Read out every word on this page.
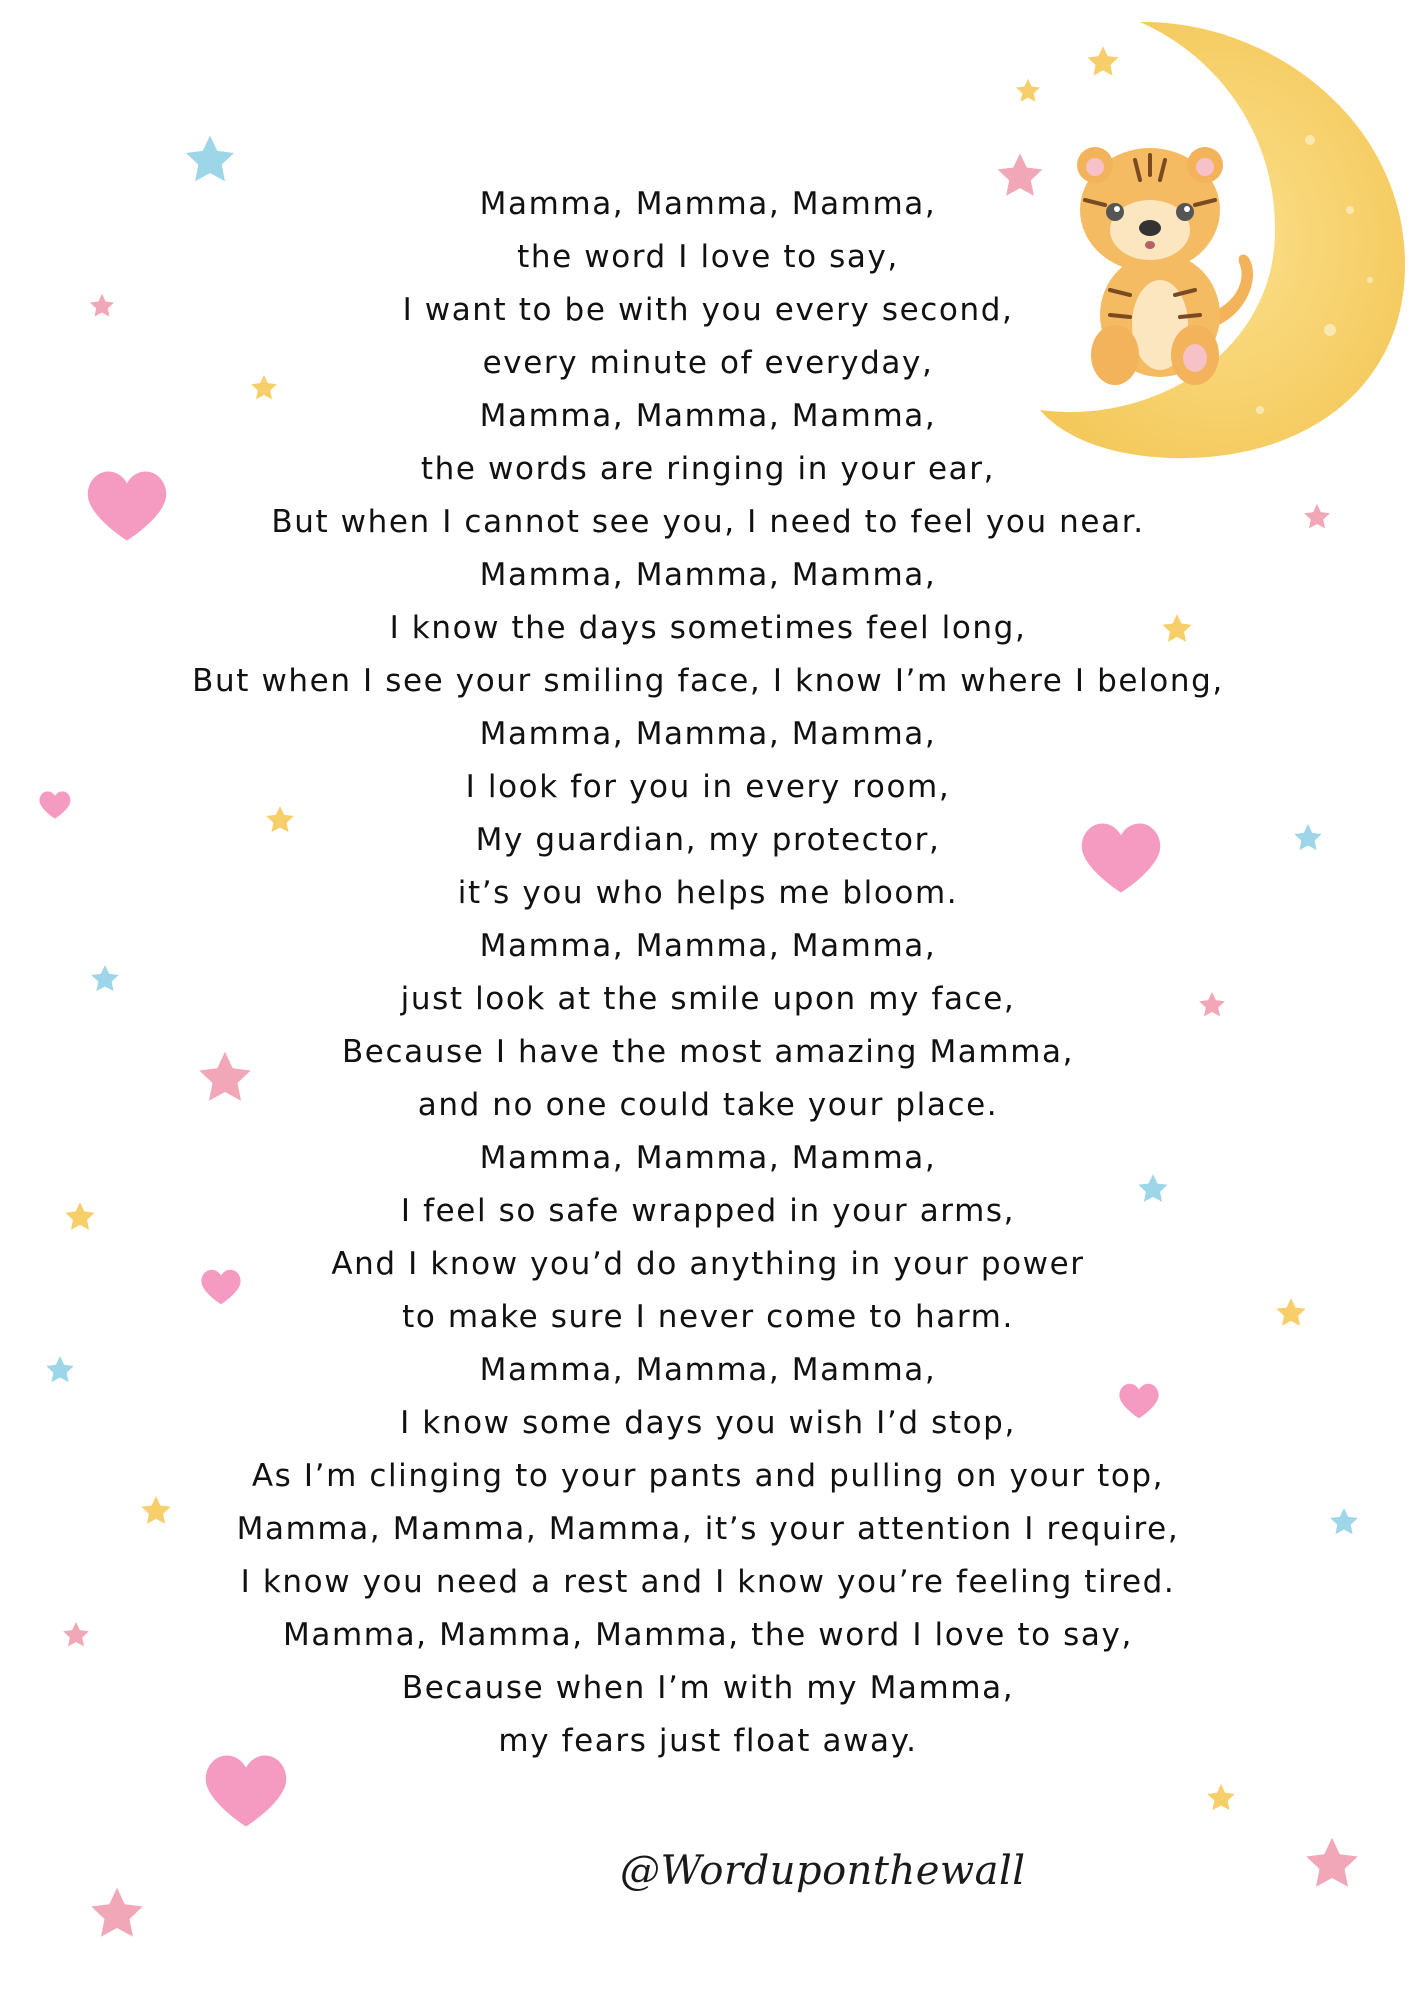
Mamma, Mamma, Mamma,
the word I love to say,
I want to be with you every second,
every minute of everyday,
Mamma, Mamma, Mamma,
the words are ringing in your ear,
But when I cannot see you, I need to feel you near.
Mamma, Mamma, Mamma,
I know the days sometimes feel long,
But when I see your smiling face, I know I’m where I belong,
Mamma, Mamma, Mamma,
I look for you in every room,
My guardian, my protector,
it’s you who helps me bloom.
Mamma, Mamma, Mamma,
just look at the smile upon my face,
Because I have the most amazing Mamma,
and no one could take your place.
Mamma, Mamma, Mamma,
I feel so safe wrapped in your arms,
And I know you’d do anything in your power
to make sure I never come to harm.
Mamma, Mamma, Mamma,
I know some days you wish I’d stop,
As I’m clinging to your pants and pulling on your top,
Mamma, Mamma, Mamma, it’s your attention I require,
I know you need a rest and I know you’re feeling tired.
Mamma, Mamma, Mamma, the word I love to say,
Because when I’m with my Mamma,
my fears just float away.
@Worduponthewall
